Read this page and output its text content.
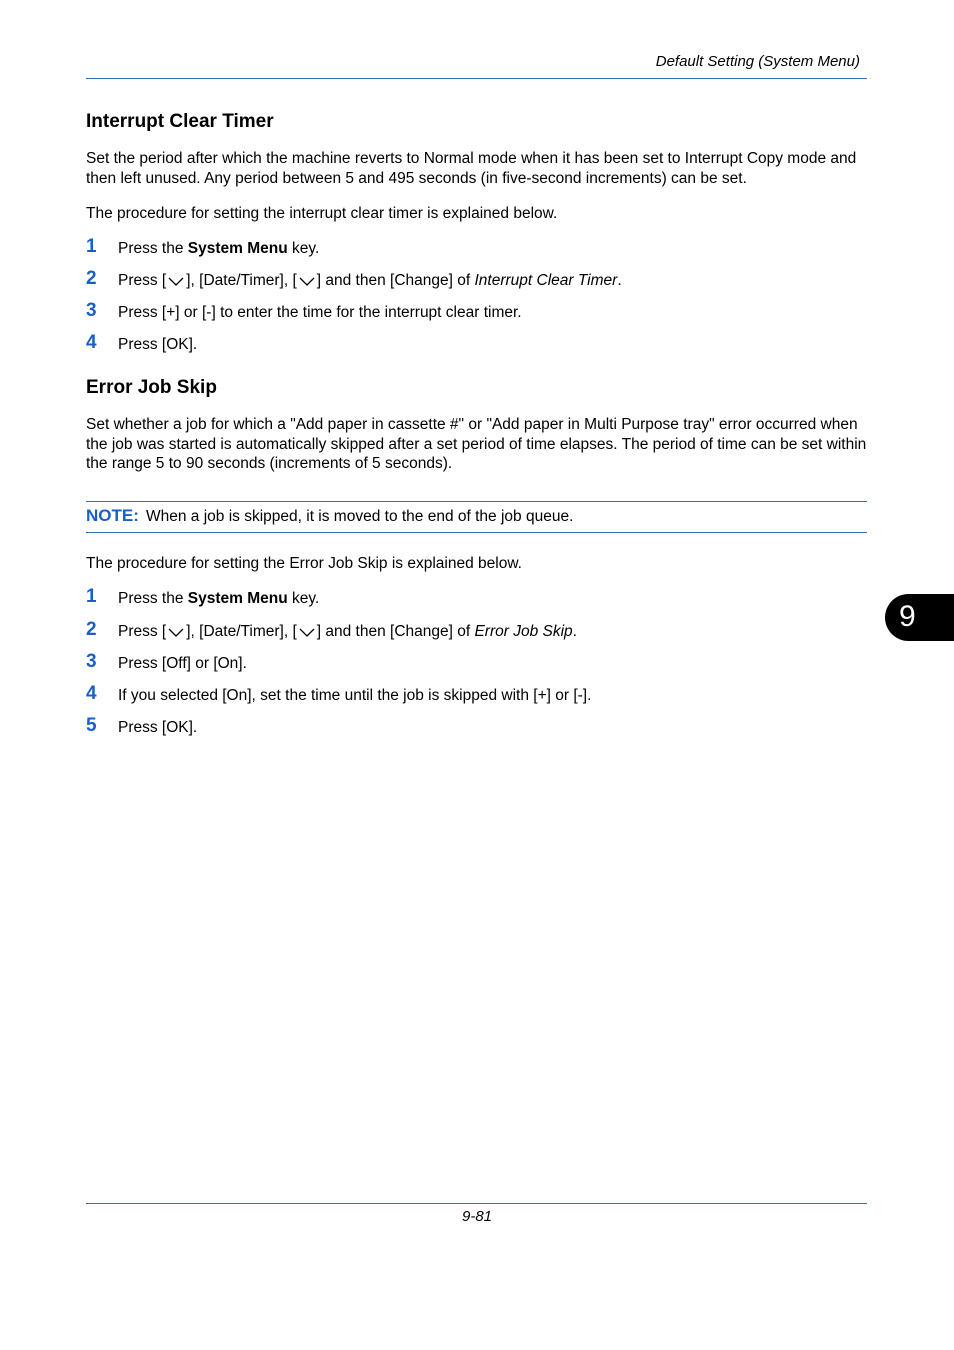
Default Setting (System Menu)
9
Interrupt Clear Timer

Set the period after which the machine reverts to Normal mode when it has been set to Interrupt Copy mode and then left unused. Any period between 5 and 495 seconds (in five-second increments) can be set.

The procedure for setting the interrupt clear timer is explained below.

1 Press the System Menu key.
2 Press [ ], [Date/Timer], [ ] and then [Change] of Interrupt Clear Timer.
3 Press [+] or [-] to enter the time for the interrupt clear timer.
4 Press [OK].
Error Job Skip

Set whether a job for which a "Add paper in cassette #" or "Add paper in Multi Purpose tray" error occurred when the job was started is automatically skipped after a set period of time elapses. The period of time can be set within the range 5 to 90 seconds (increments of 5 seconds).

NOTE: When a job is skipped, it is moved to the end of the job queue.

The procedure for setting the Error Job Skip is explained below.

1 Press the System Menu key.
2 Press [ ], [Date/Timer], [ ] and then [Change] of Error Job Skip.
3 Press [Off] or [On].
4 If you selected [On], set the time until the job is skipped with [+] or [-].
5 Press [OK].
9-81
